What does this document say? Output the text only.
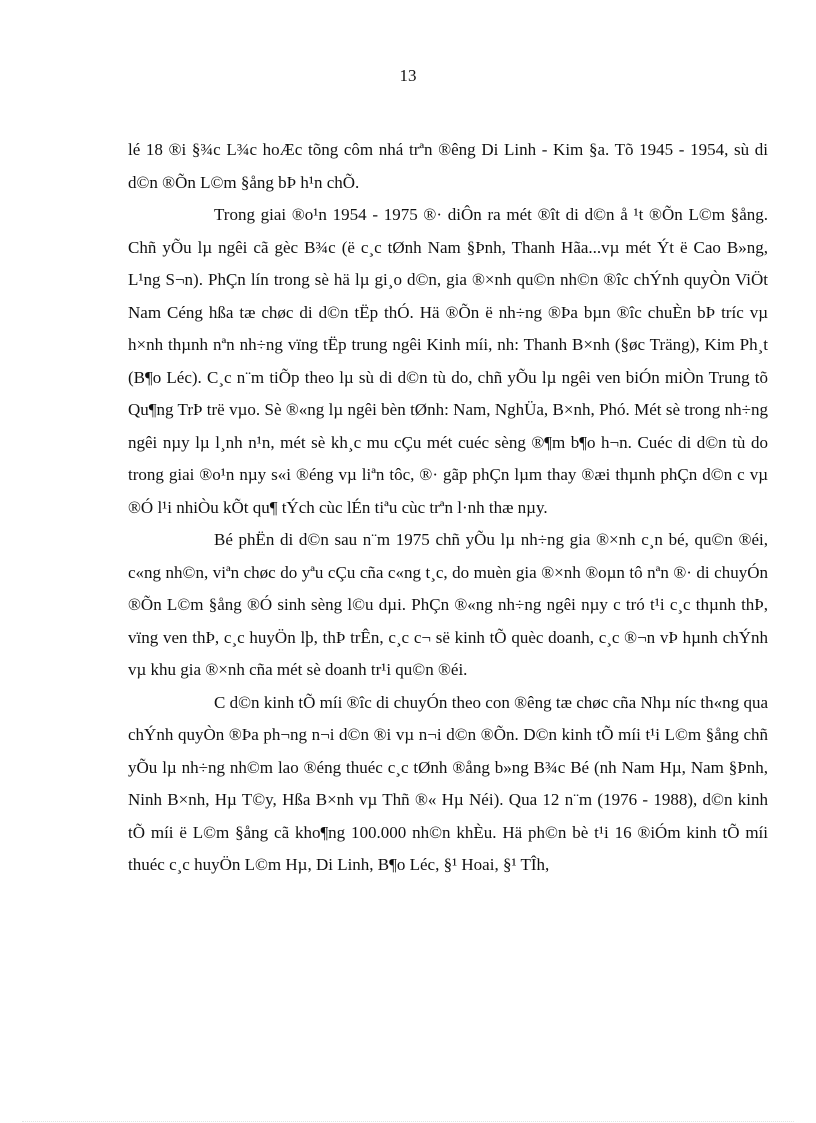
13

lé 18 ®i §¾c L¾c hoÆc tõng côm nhá trªn ®êng Di Linh - Kim §a. Tõ 1945 - 1954, sù di d©n ®Õn L©m §ång bÞ h¹n chÕ.

Trong giai ®o¹n 1954 - 1975 ®· diÔn ra mét ®ît di d©n å ¹t ®Õn L©m §ång. Chñ yÕu lµ ngêi cã gèc B¾c (ë c¸c tØnh Nam §Þnh, Thanh Hãa...vµ mét Ýt ë Cao B»ng, L¹ng S¬n). PhÇn lín trong sè hä lµ gi¸o d©n, gia ®×nh qu©n nh©n ®îc chÝnh quyÒn ViÖt Nam Céng hßa tæ chøc di d©n tËp thÓ. Hä ®Õn ë nh÷ng ®Þa bµn ®îc chuÈn bÞ tríc vµ h×nh thµnh nªn nh÷ng vïng tËp trung ngêi Kinh míi, nh: Thanh B×nh (§øc Träng), Kim Ph¸t (B¶o Léc). C¸c n¨m tiÕp theo lµ sù di d©n tù do, chñ yÕu lµ ngêi ven biÓn miÒn Trung tõ Qu¶ng TrÞ trë vµo. Sè ®«ng lµ ngêi bèn tØnh: Nam, NghÜa, B×nh, Phó. Mét sè trong nh÷ng ngêi nµy lµ l¸nh n¹n, mét sè kh¸c mu cÇu mét cuéc sèng ®¶m b¶o h¬n. Cuéc di d©n tù do trong giai ®o¹n nµy s«i ®éng vµ liªn tôc, ®· gãp phÇn lµm thay ®æi thµnh phÇn d©n c vµ ®Ó l¹i nhiÒu kÕt qu¶ tÝch cùc lÉn tiªu cùc trªn l·nh thæ nµy.

Bé phËn di d©n sau n¨m 1975 chñ yÕu lµ nh÷ng gia ®×nh c¸n bé, qu©n ®éi, c«ng nh©n, viªn chøc do yªu cÇu cña c«ng t¸c, do muèn gia ®×nh ®oµn tô nªn ®· di chuyÓn ®Õn L©m §ång ®Ó sinh sèng l©u dµi. PhÇn ®«ng nh÷ng ngêi nµy c tró t¹i c¸c thµnh thÞ, vïng ven thÞ, c¸c huyÖn lþ, thÞ trÊn, c¸c c¬ së kinh tÕ quèc doanh, c¸c ®¬n vÞ hµnh chÝnh vµ khu gia ®×nh cña mét sè doanh tr¹i qu©n ®éi.

C d©n kinh tÕ míi ®îc di chuyÓn theo con ®êng tæ chøc cña Nhµ níc th«ng qua chÝnh quyÒn ®Þa ph¬ng n¬i d©n ®i vµ n¬i d©n ®Õn. D©n kinh tÕ míi t¹i L©m §ång chñ yÕu lµ nh÷ng nh©m lao ®éng thuéc c¸c tØnh ®ång b»ng B¾c Bé (nh Nam Hµ, Nam §Þnh, Ninh B×nh, Hµ T©y, Hßa B×nh vµ Thñ ®« Hµ Néi). Qua 12 n¨m (1976 - 1988), d©n kinh tÕ míi ë L©m §ång cã kho¶ng 100.000 nh©n khÈu. Hä ph©n bè t¹i 16 ®iÓm kinh tÕ míi thuéc c¸c huyÖn L©m Hµ, Di Linh, B¶o Léc, §¹ Hoai, §¹ TÎh,
